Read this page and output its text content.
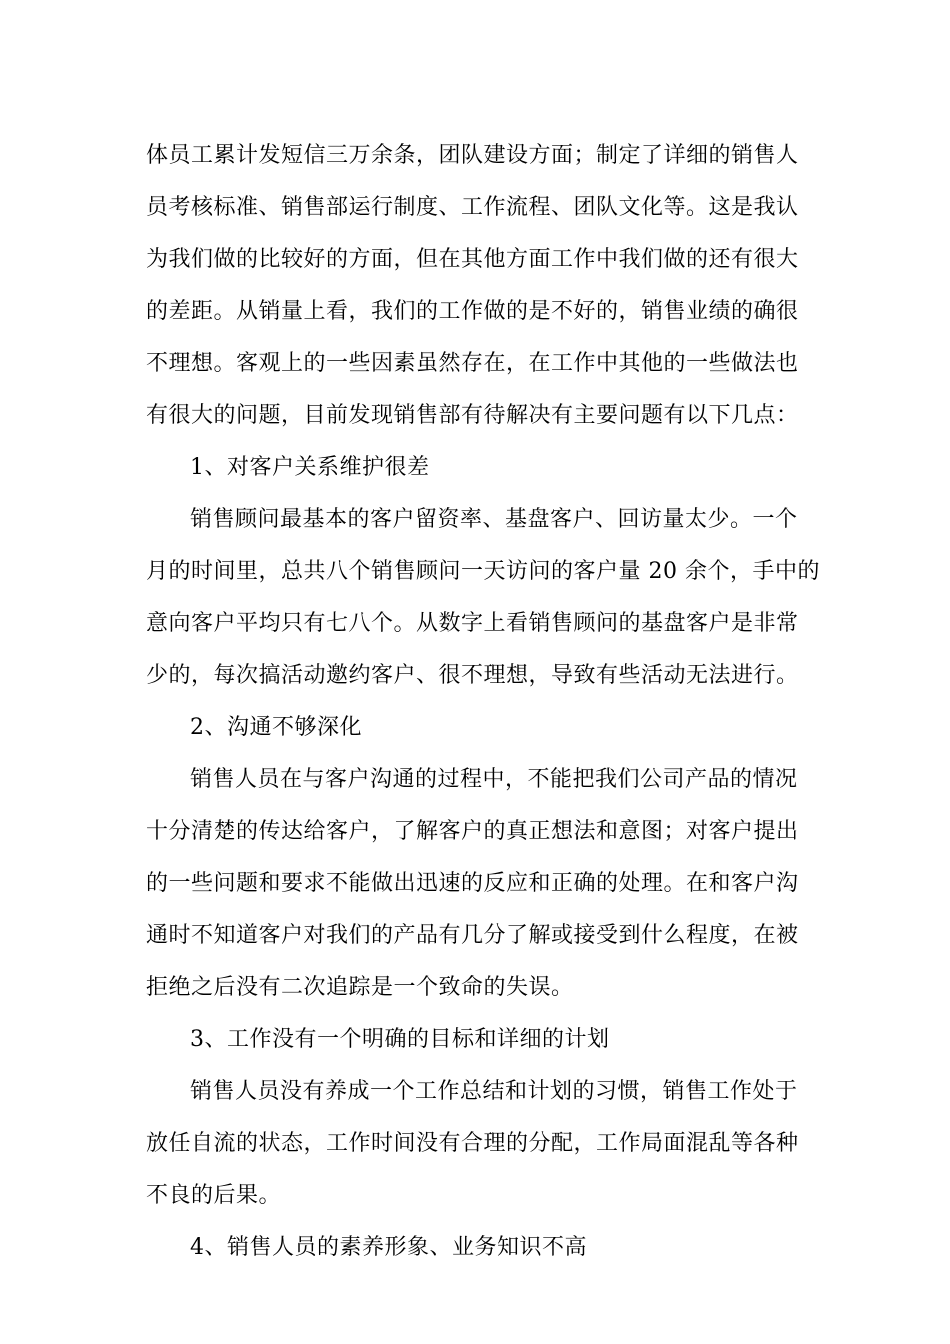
体员工累计发短信三万余条，团队建设方面；制定了详细的销售人
员考核标准、销售部运行制度、工作流程、团队文化等。这是我认
为我们做的比较好的方面，但在其他方面工作中我们做的还有很大
的差距。从销量上看，我们的工作做的是不好的，销售业绩的确很
不理想。客观上的一些因素虽然存在，在工作中其他的一些做法也
有很大的问题，目前发现销售部有待解决有主要问题有以下几点：
1、对客户关系维护很差
销售顾问最基本的客户留资率、基盘客户、回访量太少。一个
月的时间里，总共八个销售顾问一天访问的客户量 20 余个，手中的
意向客户平均只有七八个。从数字上看销售顾问的基盘客户是非常
少的，每次搞活动邀约客户、很不理想，导致有些活动无法进行。
2、沟通不够深化
销售人员在与客户沟通的过程中，不能把我们公司产品的情况
十分清楚的传达给客户，了解客户的真正想法和意图；对客户提出
的一些问题和要求不能做出迅速的反应和正确的处理。在和客户沟
通时不知道客户对我们的产品有几分了解或接受到什么程度，在被
拒绝之后没有二次追踪是一个致命的失误。
3、工作没有一个明确的目标和详细的计划
销售人员没有养成一个工作总结和计划的习惯，销售工作处于
放任自流的状态，工作时间没有合理的分配，工作局面混乱等各种
不良的后果。
4、销售人员的素养形象、业务知识不高
